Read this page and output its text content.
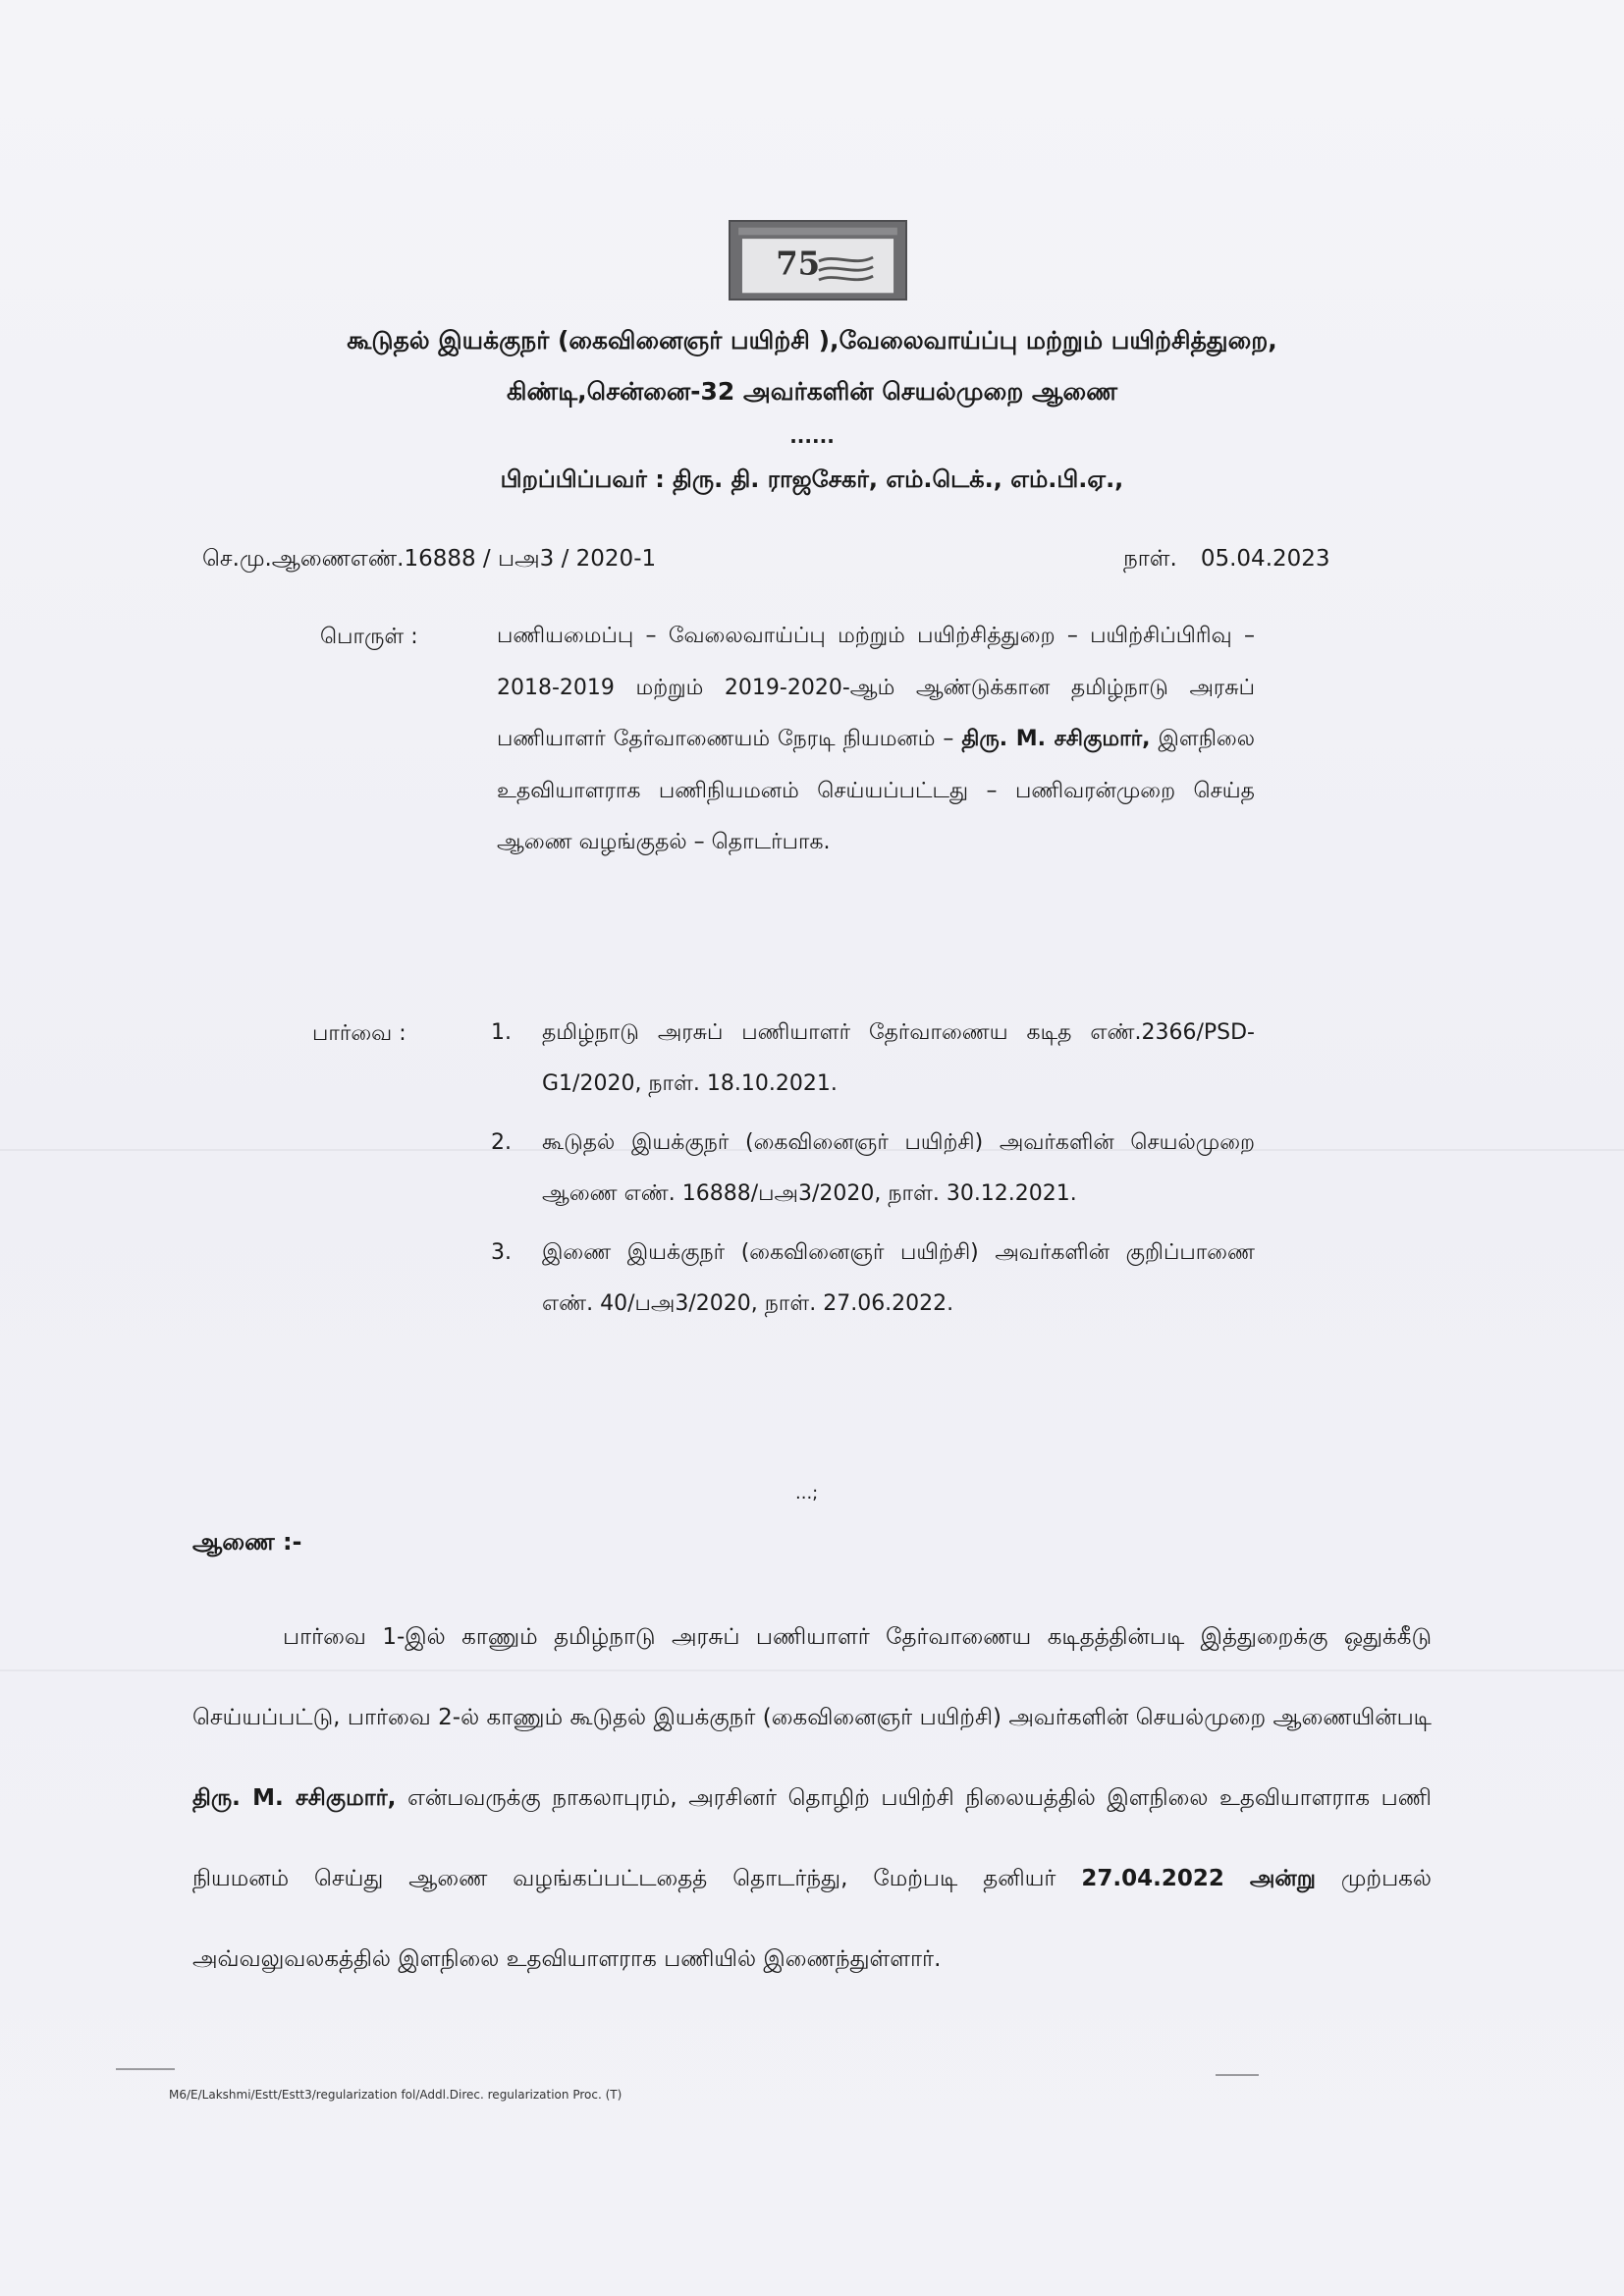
75
கூடுதல் இயக்குநர் (கைவினைஞர் பயிற்சி ),வேலைவாய்ப்பு மற்றும் பயிற்சித்துறை,
கிண்டி,சென்னை-32 அவர்களின் செயல்முறை ஆணை
......
பிறப்பிப்பவர் : திரு. தி. ராஜசேகர், எம்.டெக்., எம்.பி.ஏ.,
செ.மு.ஆணைஎண்.16888 / பஅ3 / 2020-1	நாள். 05.04.2023
பொருள் :	பணியமைப்பு – வேலைவாய்ப்பு மற்றும் பயிற்சித்துறை – பயிற்சிப்பிரிவு – 2018-2019 மற்றும் 2019-2020-ஆம் ஆண்டுக்கான தமிழ்நாடு அரசுப் பணியாளர் தேர்வாணையம் நேரடி நியமனம் – திரு. M. சசிகுமார், இளநிலை உதவியாளராக பணிநியமனம் செய்யப்பட்டது – பணிவரன்முறை செய்த ஆணை வழங்குதல் – தொடர்பாக.
பார்வை :	1. தமிழ்நாடு அரசுப் பணியாளர் தேர்வாணைய கடித எண்.2366/PSD-G1/2020, நாள். 18.10.2021.
2. கூடுதல் இயக்குநர் (கைவினைஞர் பயிற்சி) அவர்களின் செயல்முறை ஆணை எண். 16888/பஅ3/2020, நாள். 30.12.2021.
3. இணை இயக்குநர் (கைவினைஞர் பயிற்சி) அவர்களின் குறிப்பாணை எண். 40/பஅ3/2020, நாள். 27.06.2022.
...;
ஆணை :-
பார்வை 1-இல் காணும் தமிழ்நாடு அரசுப் பணியாளர் தேர்வாணைய கடிதத்தின்படி இத்துறைக்கு ஒதுக்கீடு செய்யப்பட்டு, பார்வை 2-ல் காணும் கூடுதல் இயக்குநர் (கைவினைஞர் பயிற்சி) அவர்களின் செயல்முறை ஆணையின்படி திரு. M. சசிகுமார், என்பவருக்கு நாகலாபுரம், அரசினர் தொழிற் பயிற்சி நிலையத்தில் இளநிலை உதவியாளராக பணி நியமனம் செய்து ஆணை வழங்கப்பட்டதைத் தொடர்ந்து, மேற்படி தனியர் 27.04.2022 அன்று முற்பகல் அவ்வலுவலகத்தில் இளநிலை உதவியாளராக பணியில் இணைந்துள்ளார்.
M6/E/Lakshmi/Estt/Estt3/regularization fol/Addl.Direc. regularization Proc. (T)
